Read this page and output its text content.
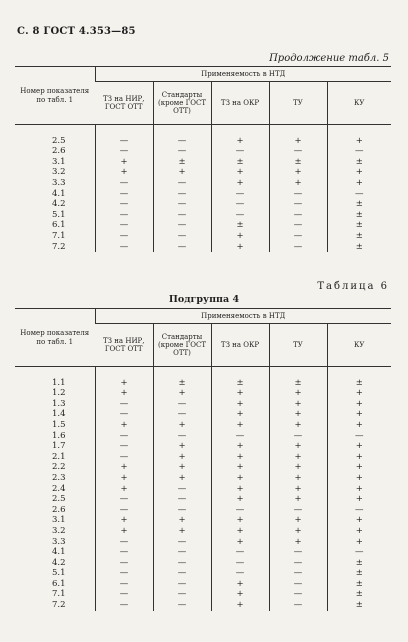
С. 8 ГОСТ 4.353—85
Продолжение табл. 5
Номер показателя по табл. 1	Применяемость в НТД				
	ТЗ на НИР, ГОСТ ОТТ	Стандарты (кроме ГОСТ ОТТ)	ТЗ на ОКР	ТУ	КУ

2.5	—	—	+	+	+
2.6	—	—	—	—	—
3.1	+	±	±	±	±
3.2	+	+	+	+	+
3.3	—	—	+	+	+
4.1	—	—	—	—	—
4.2	—	—	—	—	±
5.1	—	—	—	—	±
6.1	—	—	±	—	±
7.1	—	—	+	—	±
7.2	—	—	+	—	±
Таблица 6
Подгруппа 4
Номер показателя по табл. 1	Применяемость в НТД				
	ТЗ на НИР, ГОСТ ОТТ	Стандарты (кроме ГОСТ ОТТ)	ТЗ на ОКР	ТУ	КУ

1.1	+	±	±	±	±
1.2	+	+	+	+	+
1.3	—	—	+	+	+
1.4	—	—	+	+	+
1.5	+	+	+	+	+
1.6	—	—	—	—	—
1.7	—	+	+	+	+
2.1	—	+	+	+	+
2.2	+	+	+	+	+
2.3	+	+	+	+	+
2.4	+	—	+	+	+
2.5	—	—	+	+	+
2.6	—	—	—	—	—
3.1	+	+	+	+	+
3.2	+	+	+	+	+
3.3	—	—	+	+	+
4.1	—	—	—	—	—
4.2	—	—	—	—	±
5.1	—	—	—	—	±
6.1	—	—	+	—	±
7.1	—	—	+	—	±
7.2	—	—	+	—	±
